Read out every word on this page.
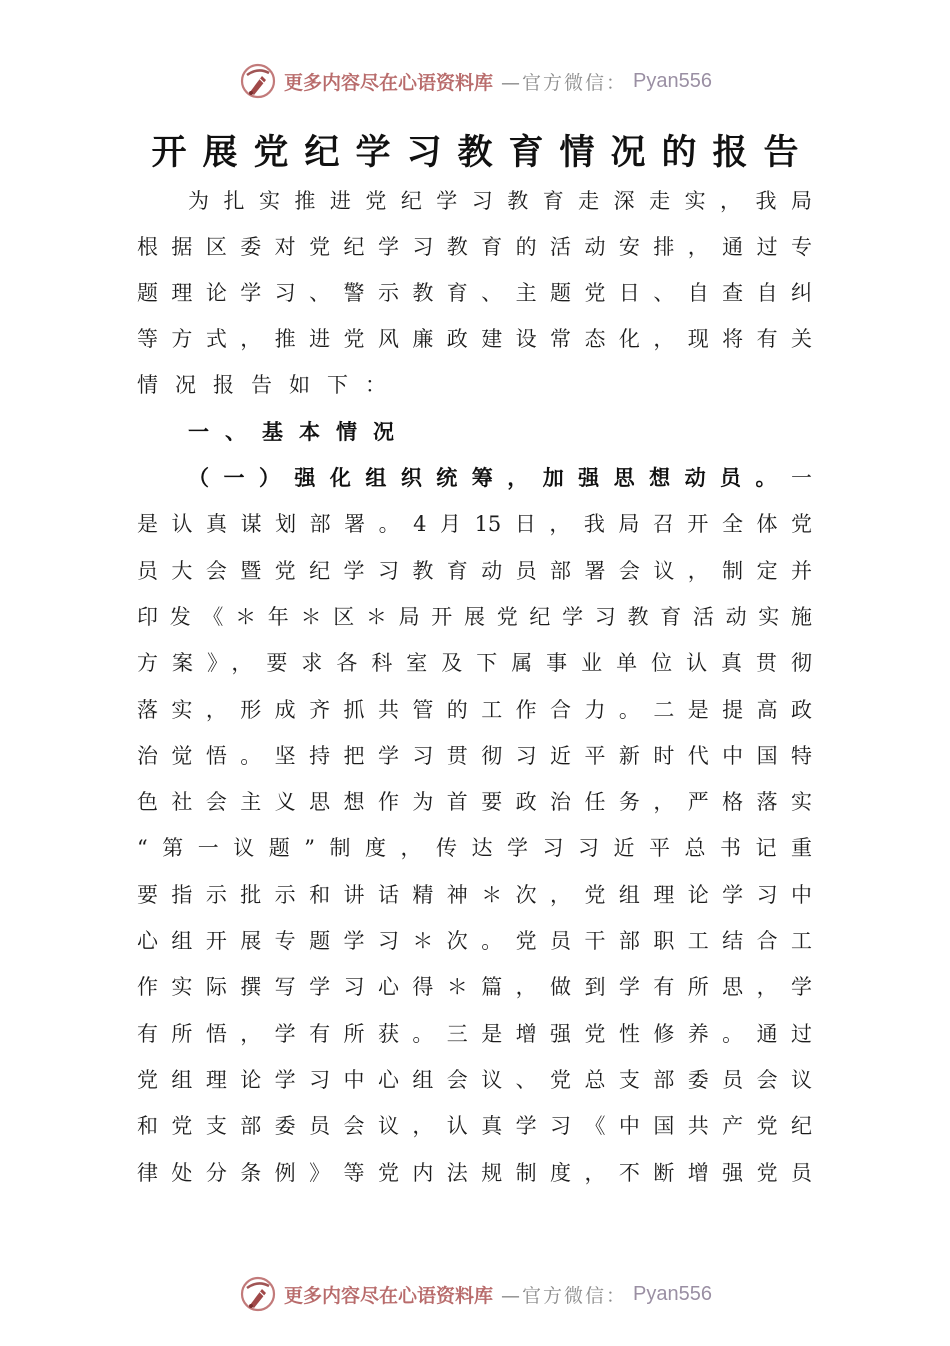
更多内容尽在心语资料库 —官方微信： Pyan556
开展党纪学习教育情况的报告
为扎实推进党纪学习教育走深走实，我局
根据区委对党纪学习教育的活动安排，通过专
题理论学习、警示教育、主题党日、自查自纠
等方式，推进党风廉政建设常态化，现将有关
情况报告如下：
一、基本情况
（一）强化组织统筹，加强思想动员。一
是认真谋划部署。4月15日，我局召开全体党
员大会暨党纪学习教育动员部署会议，制定并
印发《＊年＊区＊局开展党纪学习教育活动实施
方案》，要求各科室及下属事业单位认真贯彻
落实，形成齐抓共管的工作合力。二是提高政
治觉悟。坚持把学习贯彻习近平新时代中国特
色社会主义思想作为首要政治任务，严格落实
“第一议题”制度，传达学习习近平总书记重
要指示批示和讲话精神＊次，党组理论学习中
心组开展专题学习＊次。党员干部职工结合工
作实际撰写学习心得＊篇，做到学有所思，学
有所悟，学有所获。三是增强党性修养。通过
党组理论学习中心组会议、党总支部委员会议
和党支部委员会议，认真学习《中国共产党纪
律处分条例》等党内法规制度，不断增强党员
更多内容尽在心语资料库 —官方微信： Pyan556
